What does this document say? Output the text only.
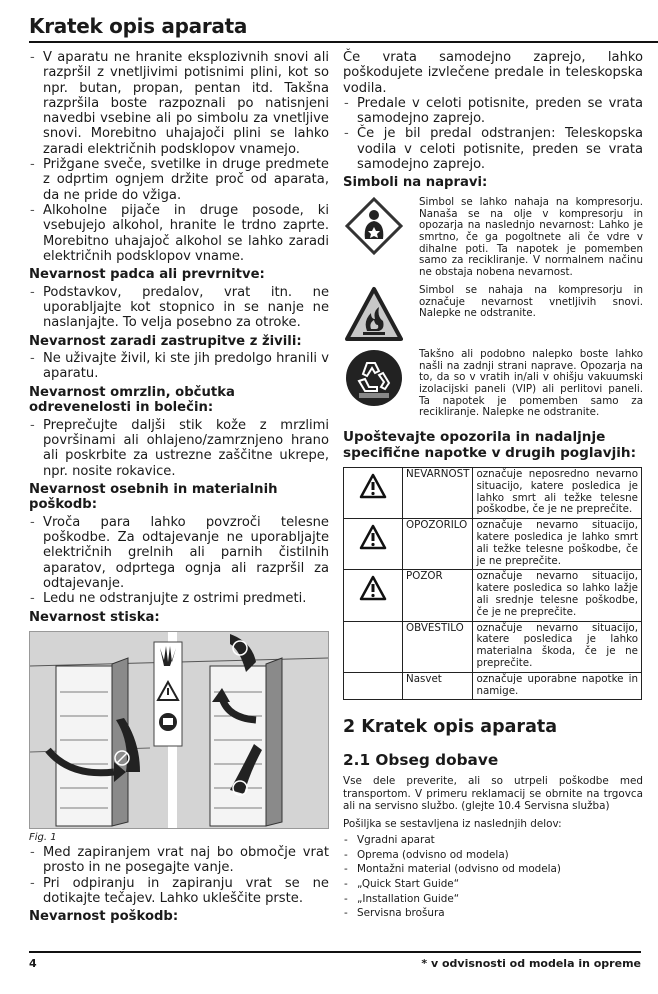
Kratek opis aparata
- V aparatu ne hranite eksplozivnih snovi ali razpršil z vnetljivimi potisnimi plini, kot so npr. butan, propan, pentan itd. Takšna razpršila boste razpoznali po natisnjeni navedbi vsebine ali po simbolu za vnetljive snovi. Morebitno uhajajoči plini se lahko zaradi električnih podsklopov vnamejo.
- Prižgane sveče, svetilke in druge predmete z odprtim ognjem držite proč od aparata, da ne pride do vžiga.
- Alkoholne pijače in druge posode, ki vsebujejo alkohol, hranite le trdno zaprte. Morebitno uhajajoč alkohol se lahko zaradi električnih podsklopov vname.
Nevarnost padca ali prevrnitve:
- Podstavkov, predalov, vrat itn. ne uporabljajte kot stopnico in se nanje ne naslanjajte. To velja posebno za otroke.
Nevarnost zaradi zastrupitve z živili:
- Ne uživajte živil, ki ste jih predolgo hranili v aparatu.
Nevarnost omrzlin, občutka odrevenelosti in bolečin:
- Preprečujte daljši stik kože z mrzlimi površinami ali ohlajeno/zamrznjeno hrano ali poskrbite za ustrezne zaščitne ukrepe, npr. nosite rokavice.
Nevarnost osebnih in materialnih poškodb:
- Vroča para lahko povzroči telesne poškodbe. Za odtajevanje ne uporabljajte električnih grelnih ali parnih čistilnih aparatov, odprtega ognja ali razpršil za odtajevanje.
- Ledu ne odstranjujte z ostrimi predmeti.
Nevarnost stiska:
Fig. 1
- Med zapiranjem vrat naj bo območje vrat prosto in ne posegajte vanje.
- Pri odpiranju in zapiranju vrat se ne dotikajte tečajev. Lahko ukleščite prste.
Nevarnost poškodb:
Če vrata samodejno zaprejo, lahko poškodujete izvlečene predale in teleskopska vodila.
- Predale v celoti potisnite, preden se vrata samodejno zaprejo.
- Če je bil predal odstranjen: Teleskopska vodila v celoti potisnite, preden se vrata samodejno zaprejo.
Simboli na napravi:
Simbol se lahko nahaja na kompresorju. Nanaša se na olje v kompresorju in opozarja na naslednjo nevarnost: Lahko je smrtno, če ga pogoltnete ali če vdre v dihalne poti. Ta napotek je pomemben samo za recikliranje. V normalnem načinu ne obstaja nobena nevarnost.
Simbol se nahaja na kompresorju in označuje nevarnost vnetljivih snovi. Nalepke ne odstranite.
Takšno ali podobno nalepko boste lahko našli na zadnji strani naprave. Opozarja na to, da so v vratih in/ali v ohišju vakuumski izolacijski paneli (VIP) ali perlitovi paneli. Ta napotek je pomemben samo za recikliranje. Nalepke ne odstranite.
Upoštevajte opozorila in nadaljnje specifične napotke v drugih poglavjih:
	NEVARNOST	označuje neposredno nevarno situacijo, katere posledica je lahko smrt ali težke telesne poškodbe, če je ne preprečite.
	OPOZORILO	označuje nevarno situacijo, katere posledica je lahko smrt ali težke telesne poškodbe, če je ne preprečite.
	POZOR	označuje nevarno situacijo, katere posledica so lahko lažje ali srednje telesne poškodbe, če je ne preprečite.
	OBVESTILO	označuje nevarno situacijo, katere posledica je lahko materialna škoda, če je ne preprečite.
	Nasvet	označuje uporabne napotke in namige.
2 Kratek opis aparata
2.1 Obseg dobave
Vse dele preverite, ali so utrpeli poškodbe med transportom. V primeru reklamacij se obrnite na trgovca ali na servisno službo. (glejte 10.4 Servisna služba)
Pošiljka se sestavljena iz naslednjih delov:
- Vgradni aparat
- Oprema (odvisno od modela)
- Montažni material (odvisno od modela)
- „Quick Start Guide“
- „Installation Guide“
- Servisna brošura
4	* v odvisnosti od modela in opreme
